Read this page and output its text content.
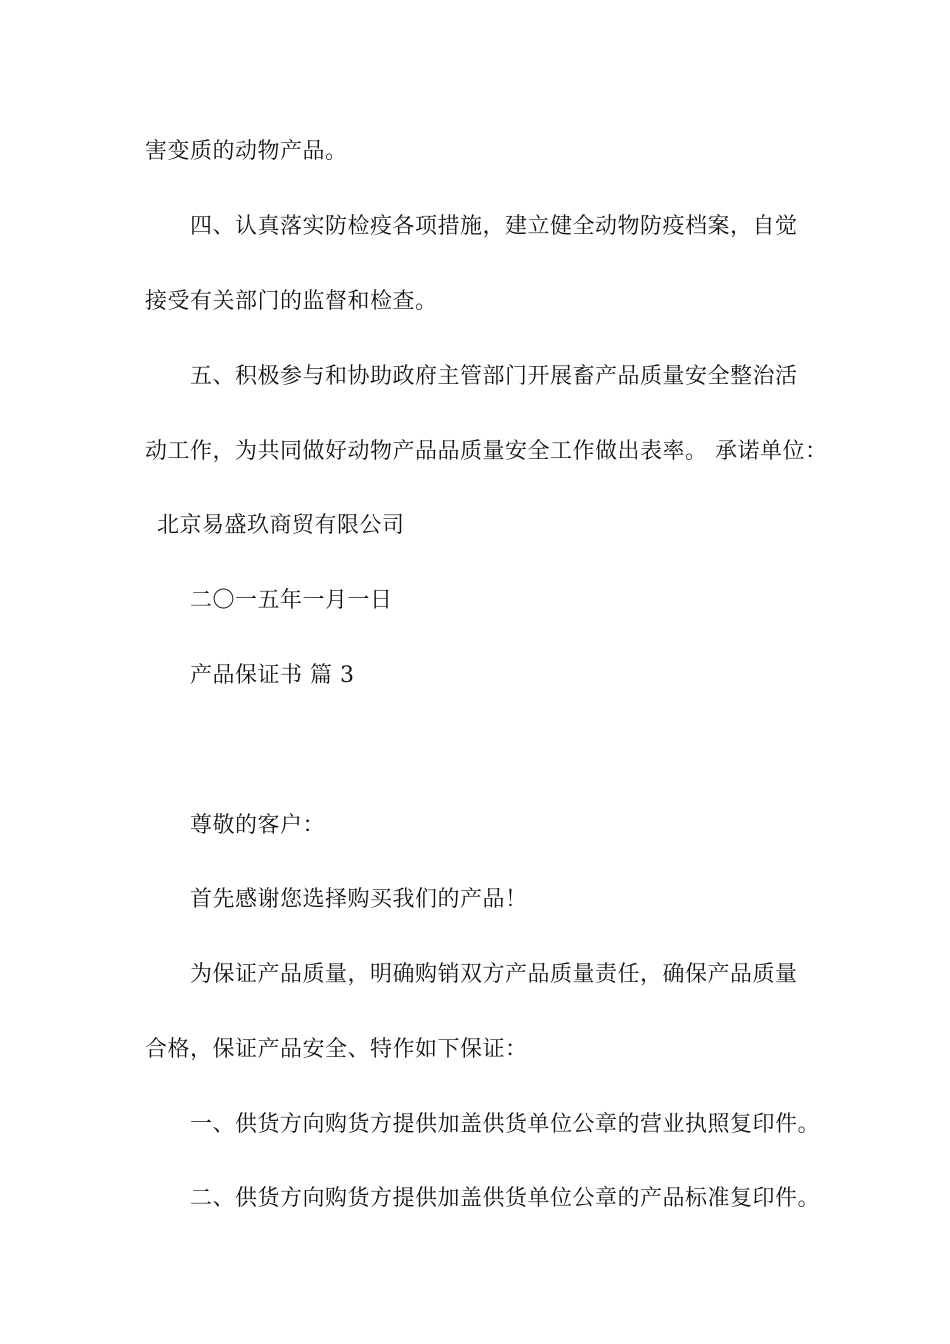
害变质的动物产品。
四、认真落实防检疫各项措施，建立健全动物防疫档案，自觉
接受有关部门的监督和检查。
五、积极参与和协助政府主管部门开展畜产品质量安全整治活
动工作，为共同做好动物产品品质量安全工作做出表率。 承诺单位：
北京易盛玖商贸有限公司
二〇一五年一月一日
产品保证书 篇 3
尊敬的客户：
首先感谢您选择购买我们的产品！
为保证产品质量，明确购销双方产品质量责任，确保产品质量
合格，保证产品安全、特作如下保证：
一、供货方向购货方提供加盖供货单位公章的营业执照复印件。
二、供货方向购货方提供加盖供货单位公章的产品标准复印件。
